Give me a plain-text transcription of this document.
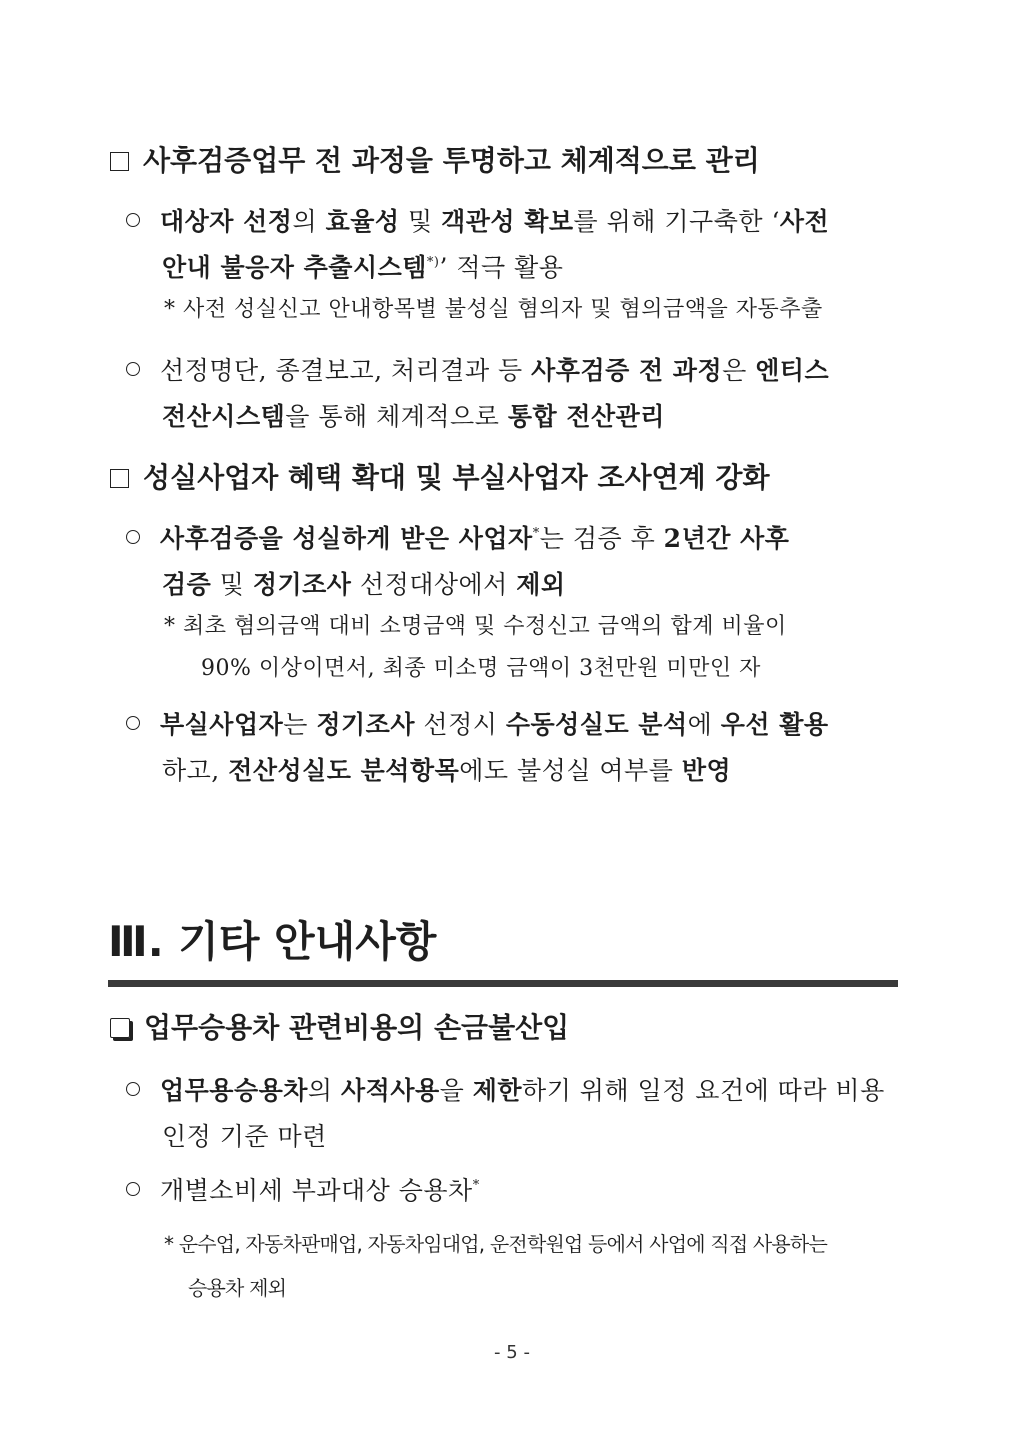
사후검증업무 전 과정을 투명하고 체계적으로 관리
대상자 선정의 효율성 및 객관성 확보를 위해 기구축한 ‘사전
안내 불응자 추출시스템*)’ 적극 활용
* 사전 성실신고 안내항목별 불성실 혐의자 및 혐의금액을 자동추출
선정명단, 종결보고, 처리결과 등 사후검증 전 과정은 엔티스
전산시스템을 통해 체계적으로 통합 전산관리
성실사업자 혜택 확대 및 부실사업자 조사연계 강화
사후검증을 성실하게 받은 사업자*는 검증 후 2년간 사후
검증 및 정기조사 선정대상에서 제외
* 최초 혐의금액 대비 소명금액 및 수정신고 금액의 합계 비율이
90% 이상이면서, 최종 미소명 금액이 3천만원 미만인 자
부실사업자는 정기조사 선정시 수동성실도 분석에 우선 활용
하고, 전산성실도 분석항목에도 불성실 여부를 반영
Ⅲ. 기타 안내사항
업무승용차 관련비용의 손금불산입
업무용승용차의 사적사용을 제한하기 위해 일정 요건에 따라 비용
인정 기준 마련
개별소비세 부과대상 승용차*
* 운수업, 자동차판매업, 자동차임대업, 운전학원업 등에서 사업에 직접 사용하는
승용차 제외
- 5 -
